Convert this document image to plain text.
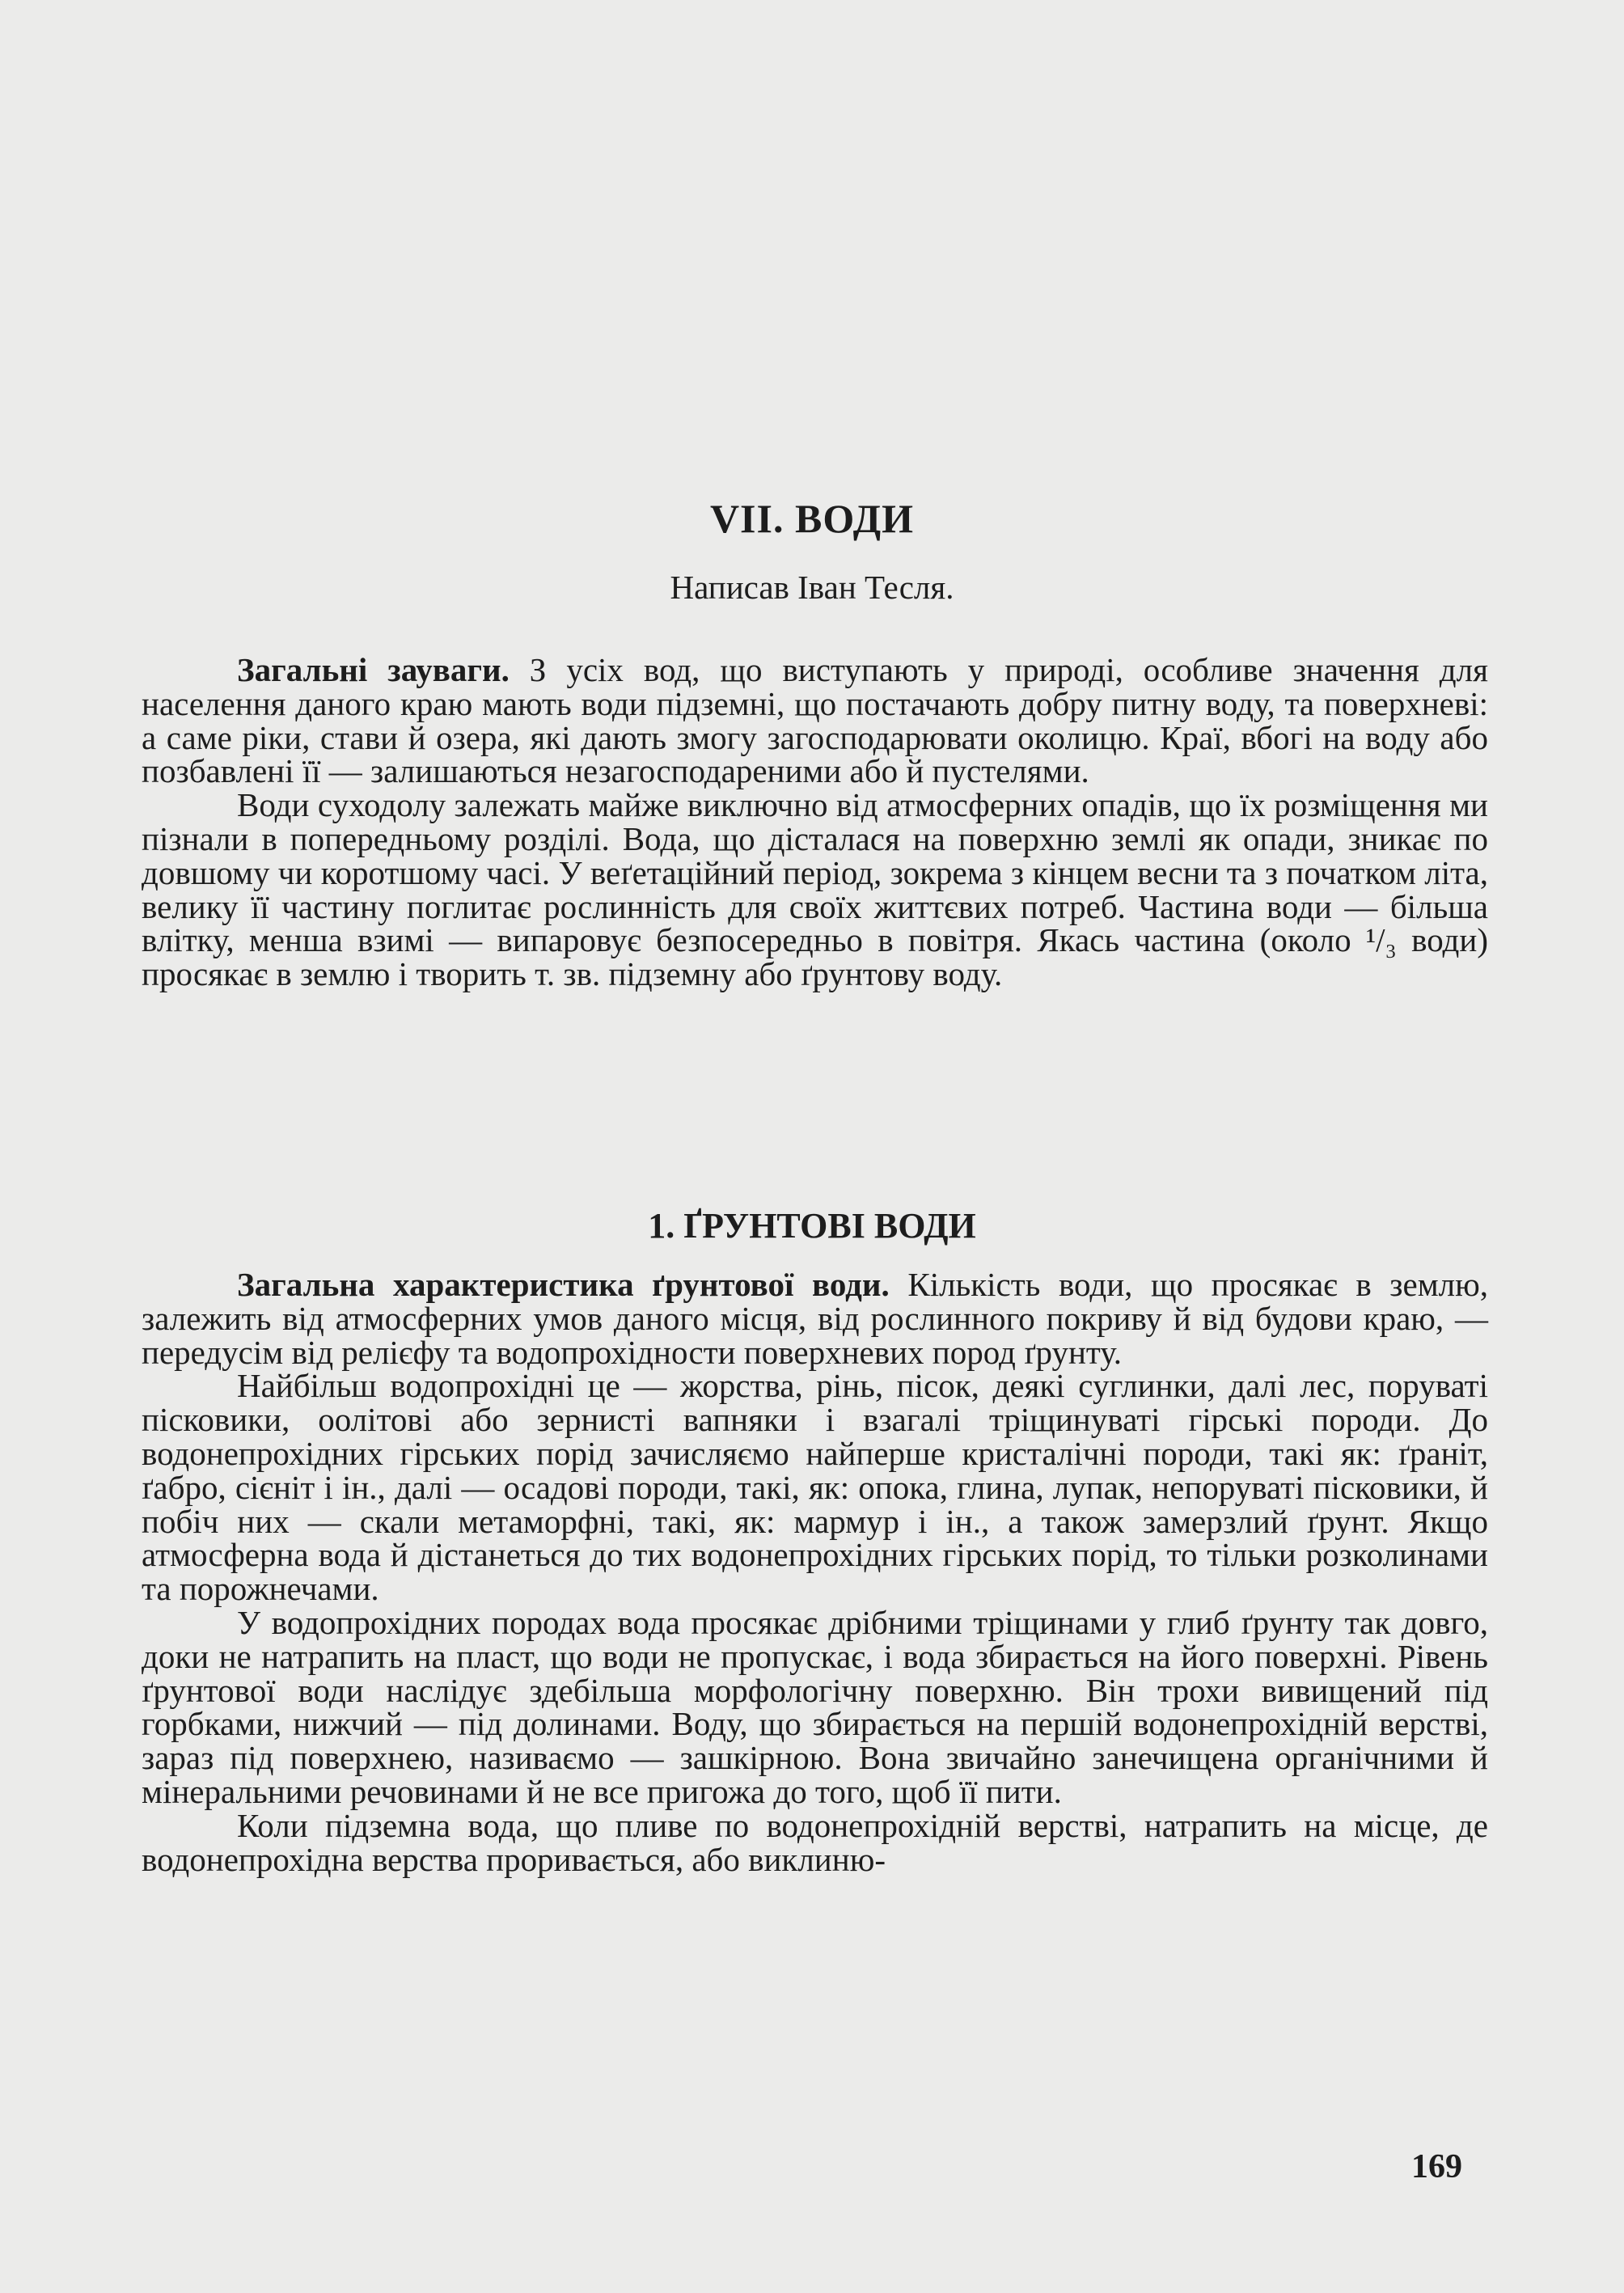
VII. ВОДИ

Написав Іван Тесля.

Загальні зауваги. З усіх вод, що виступають у природі, особливе значення для населення даного краю мають води підземні, що постачають добру питну воду, та поверхневі: а саме ріки, стави й озера, які дають змогу загосподарювати околицю. Краї, вбогі на воду або позбавлені її — залишаються незагосподареними або й пустелями.

Води суходолу залежать майже виключно від атмосферних опадів, що їх розміщення ми пізнали в попередньому розділі. Вода, що дісталася на поверхню землі як опади, зникає по довшому чи коротшому часі. У веґетаційний період, зокрема з кінцем весни та з початком літа, велику її частину поглитає рослинність для своїх життєвих потреб. Частина води — більша влітку, менша взимі — випаровує безпосередньо в повітря. Якась частина (около ¹/₃ води) просякає в землю і творить т. зв. підземну або ґрунтову воду.

1. ҐРУНТОВІ ВОДИ

Загальна характеристика ґрунтової води. Кількість води, що просякає в землю, залежить від атмосферних умов даного місця, від рослинного покриву й від будови краю, — передусім від релієфу та водопрохідности поверхневих пород ґрунту.

Найбільш водопрохідні це — жорства, рінь, пісок, деякі суглинки, далі лес, поруваті пісковики, оолітові або зернисті вапняки і взагалі тріщинуваті гірські породи. До водонепрохідних гірських порід зачисляємо найперше кристалічні породи, такі як: ґраніт, ґабро, сієніт і ін., далі — осадові породи, такі, як: опока, глина, лупак, непоруваті пісковики, й побіч них — скали метаморфні, такі, як: мармур і ін., а також замерзлий ґрунт. Якщо атмосферна вода й дістанеться до тих водонепрохідних гірських порід, то тільки розколинами та порожнечами.

У водопрохідних породах вода просякає дрібними тріщинами у глиб ґрунту так довго, доки не натрапить на пласт, що води не пропускає, і вода збирається на його поверхні. Рівень ґрунтової води наслідує здебільша морфологічну поверхню. Він трохи вивищений під горбками, нижчий — під долинами. Воду, що збирається на першій водонепрохідній верстві, зараз під поверхнею, називаємо — зашкірною. Вона звичайно занечищена органічними й мінеральними речовинами й не все пригожа до того, щоб її пити.

Коли підземна вода, що пливе по водонепрохідній верстві, натрапить на місце, де водонепрохідна верства проривається, або виклиню-

169
